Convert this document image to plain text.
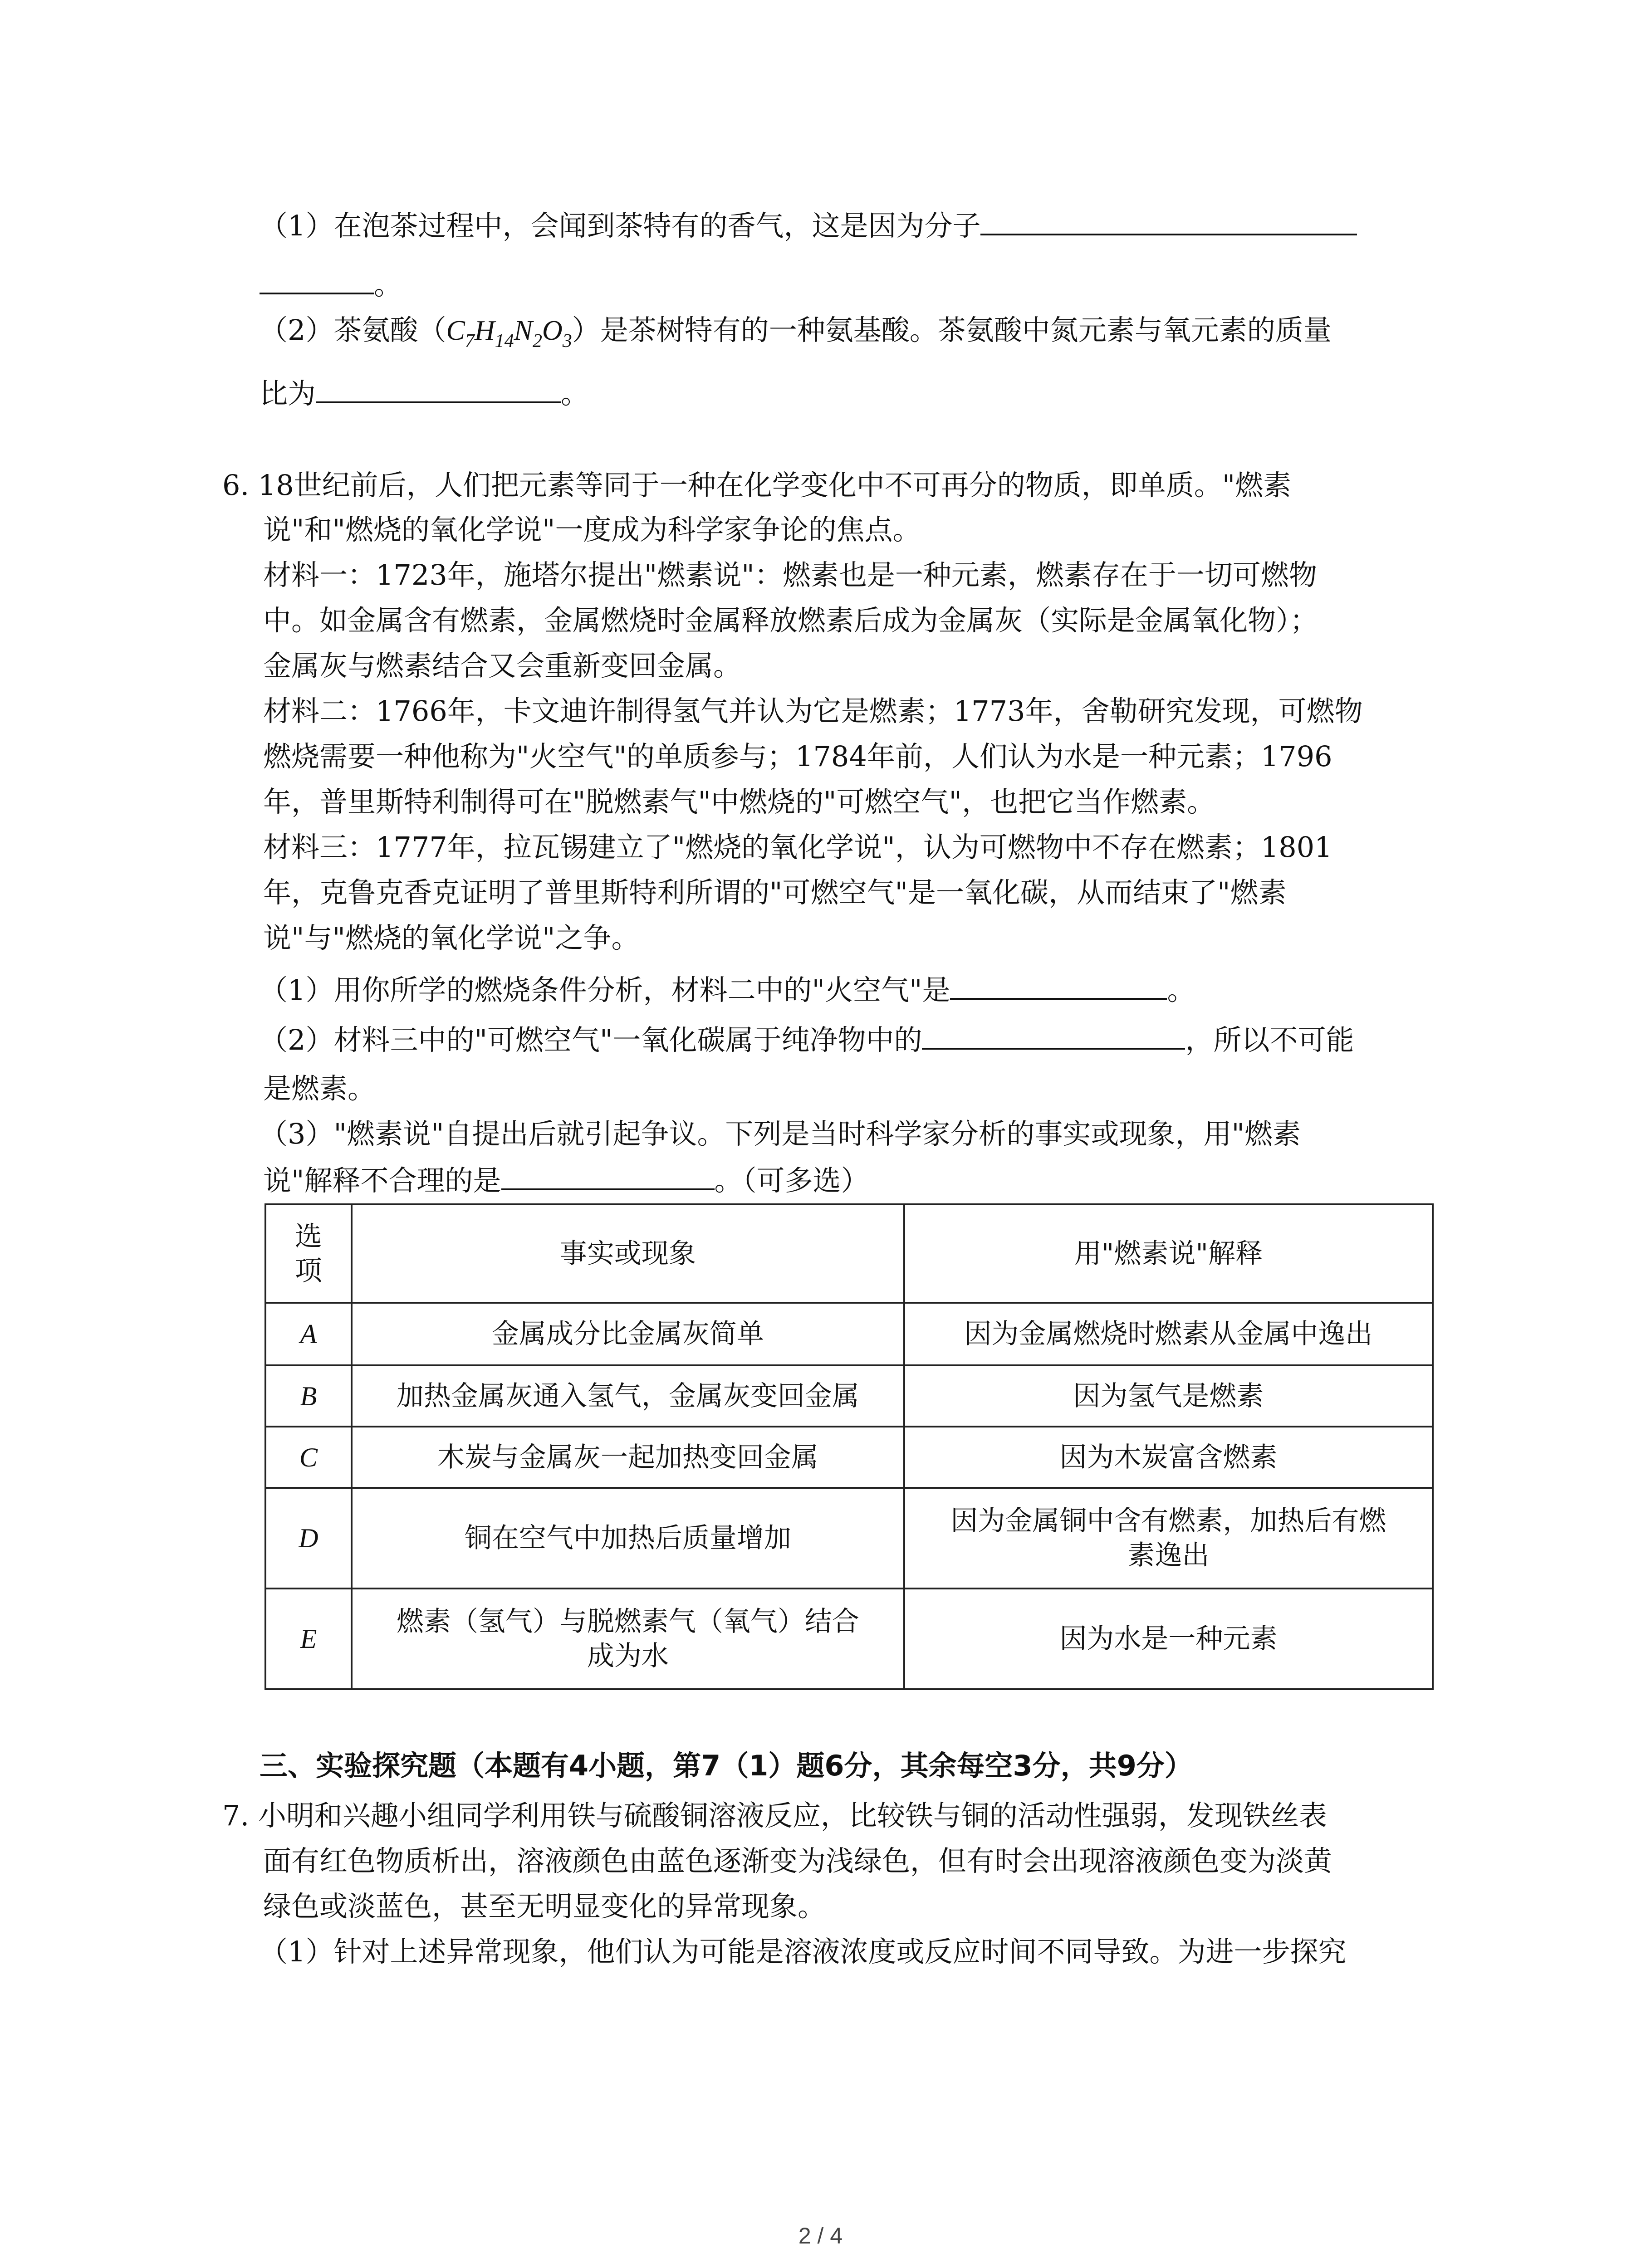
（1）在泡茶过程中，会闻到茶特有的香气，这是因为分子
。
（2）茶氨酸$(C_7H_{14}N_2O_3)$是茶树特有的一种氨基酸。茶氨酸中氮元素与氧元素的质量
比为	。
6. 18世纪前后，人们把元素等同于一种在化学变化中不可再分的物质，即单质。"燃素
说"和"燃烧的氧化学说"一度成为科学家争论的焦点。
材料一：1723年，施塔尔提出"燃素说"：燃素也是一种元素，燃素存在于一切可燃物
中。如金属含有燃素，金属燃烧时金属释放燃素后成为金属灰（实际是金属氧化物）；
金属灰与燃素结合又会重新变回金属。
材料二：1766年，卡文迪许制得氢气并认为它是燃素；1773年，舍勒研究发现，可燃物
燃烧需要一种他称为"火空气"的单质参与；1784年前，人们认为水是一种元素；1796
年，普里斯特利制得可在"脱燃素气"中燃烧的"可燃空气"，也把它当作燃素。
材料三：1777年，拉瓦锡建立了"燃烧的氧化学说"，认为可燃物中不存在燃素；1801
年，克鲁克香克证明了普里斯特利所谓的"可燃空气"是一氧化碳，从而结束了"燃素
说"与"燃烧的氧化学说"之争。
（1）用你所学的燃烧条件分析，材料二中的"火空气"是	。
（2）材料三中的"可燃空气"一氧化碳属于纯净物中的	，所以不可能
是燃素。
（3）"燃素说"自提出后就引起争议。下列是当时科学家分析的事实或现象，用"燃素
说"解释不合理的是	。（可多选）
选
项	事实或现象	用"燃素说"解释
A	金属成分比金属灰简单	因为金属燃烧时燃素从金属中逸出
B	加热金属灰通入氢气，金属灰变回金属	因为氢气是燃素
C	木炭与金属灰一起加热变回金属	因为木炭富含燃素
D	铜在空气中加热后质量增加	因为金属铜中含有燃素，加热后有燃
素逸出
E	燃素（氢气）与脱燃素气（氧气）结合
成为水	因为水是一种元素
三、实验探究题（本题有4小题，第7（1）题6分，其余每空3分，共9分）
7. 小明和兴趣小组同学利用铁与硫酸铜溶液反应，比较铁与铜的活动性强弱，发现铁丝表
面有红色物质析出，溶液颜色由蓝色逐渐变为浅绿色，但有时会出现溶液颜色变为淡黄
绿色或淡蓝色，甚至无明显变化的异常现象。
（1）针对上述异常现象，他们认为可能是溶液浓度或反应时间不同导致。为进一步探究
2 / 4
